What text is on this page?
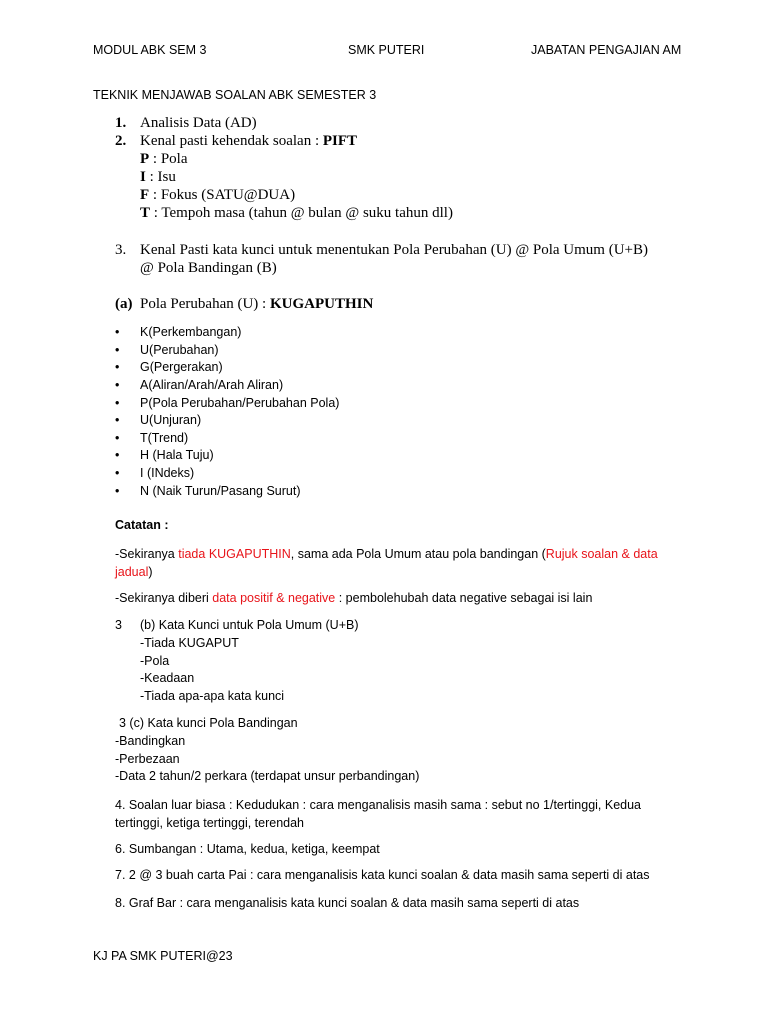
MODUL ABK SEM 3	SMK PUTERI	JABATAN PENGAJIAN AM
TEKNIK MENJAWAB SOALAN ABK SEMESTER 3
1. Analisis Data (AD)
2. Kenal pasti kehendak soalan : PIFT
P : Pola
I : Isu
F : Fokus (SATU@DUA)
T : Tempoh masa (tahun @ bulan @ suku tahun dll)
3. Kenal Pasti kata kunci untuk menentukan Pola Perubahan (U) @ Pola Umum (U+B)
@ Pola Bandingan (B)
(a) Pola Perubahan (U) : KUGAPUTHIN
• K(Perkembangan)
• U(Perubahan)
• G(Pergerakan)
• A(Aliran/Arah/Arah Aliran)
• P(Pola Perubahan/Perubahan Pola)
• U(Unjuran)
• T(Trend)
• H (Hala Tuju)
• I (INdeks)
• N (Naik Turun/Pasang Surut)
Catatan :
-Sekiranya tiada KUGAPUTHIN, sama ada Pola Umum atau pola bandingan (Rujuk soalan & data jadual)
-Sekiranya diberi data positif & negative : pembolehubah data negative sebagai isi lain
3 (b) Kata Kunci untuk Pola Umum (U+B)
-Tiada KUGAPUT
-Pola
-Keadaan
-Tiada apa-apa kata kunci
3 (c) Kata kunci Pola Bandingan
-Bandingkan
-Perbezaan
-Data 2 tahun/2 perkara (terdapat unsur perbandingan)
4. Soalan luar biasa : Kedudukan : cara menganalisis masih sama : sebut no 1/tertinggi, Kedua tertinggi, ketiga tertinggi, terendah
6. Sumbangan : Utama, kedua, ketiga, keempat
7. 2 @ 3 buah carta Pai : cara menganalisis kata kunci soalan & data masih sama seperti di atas
8. Graf Bar : cara menganalisis kata kunci soalan & data masih sama seperti di atas
KJ PA SMK PUTERI@23
